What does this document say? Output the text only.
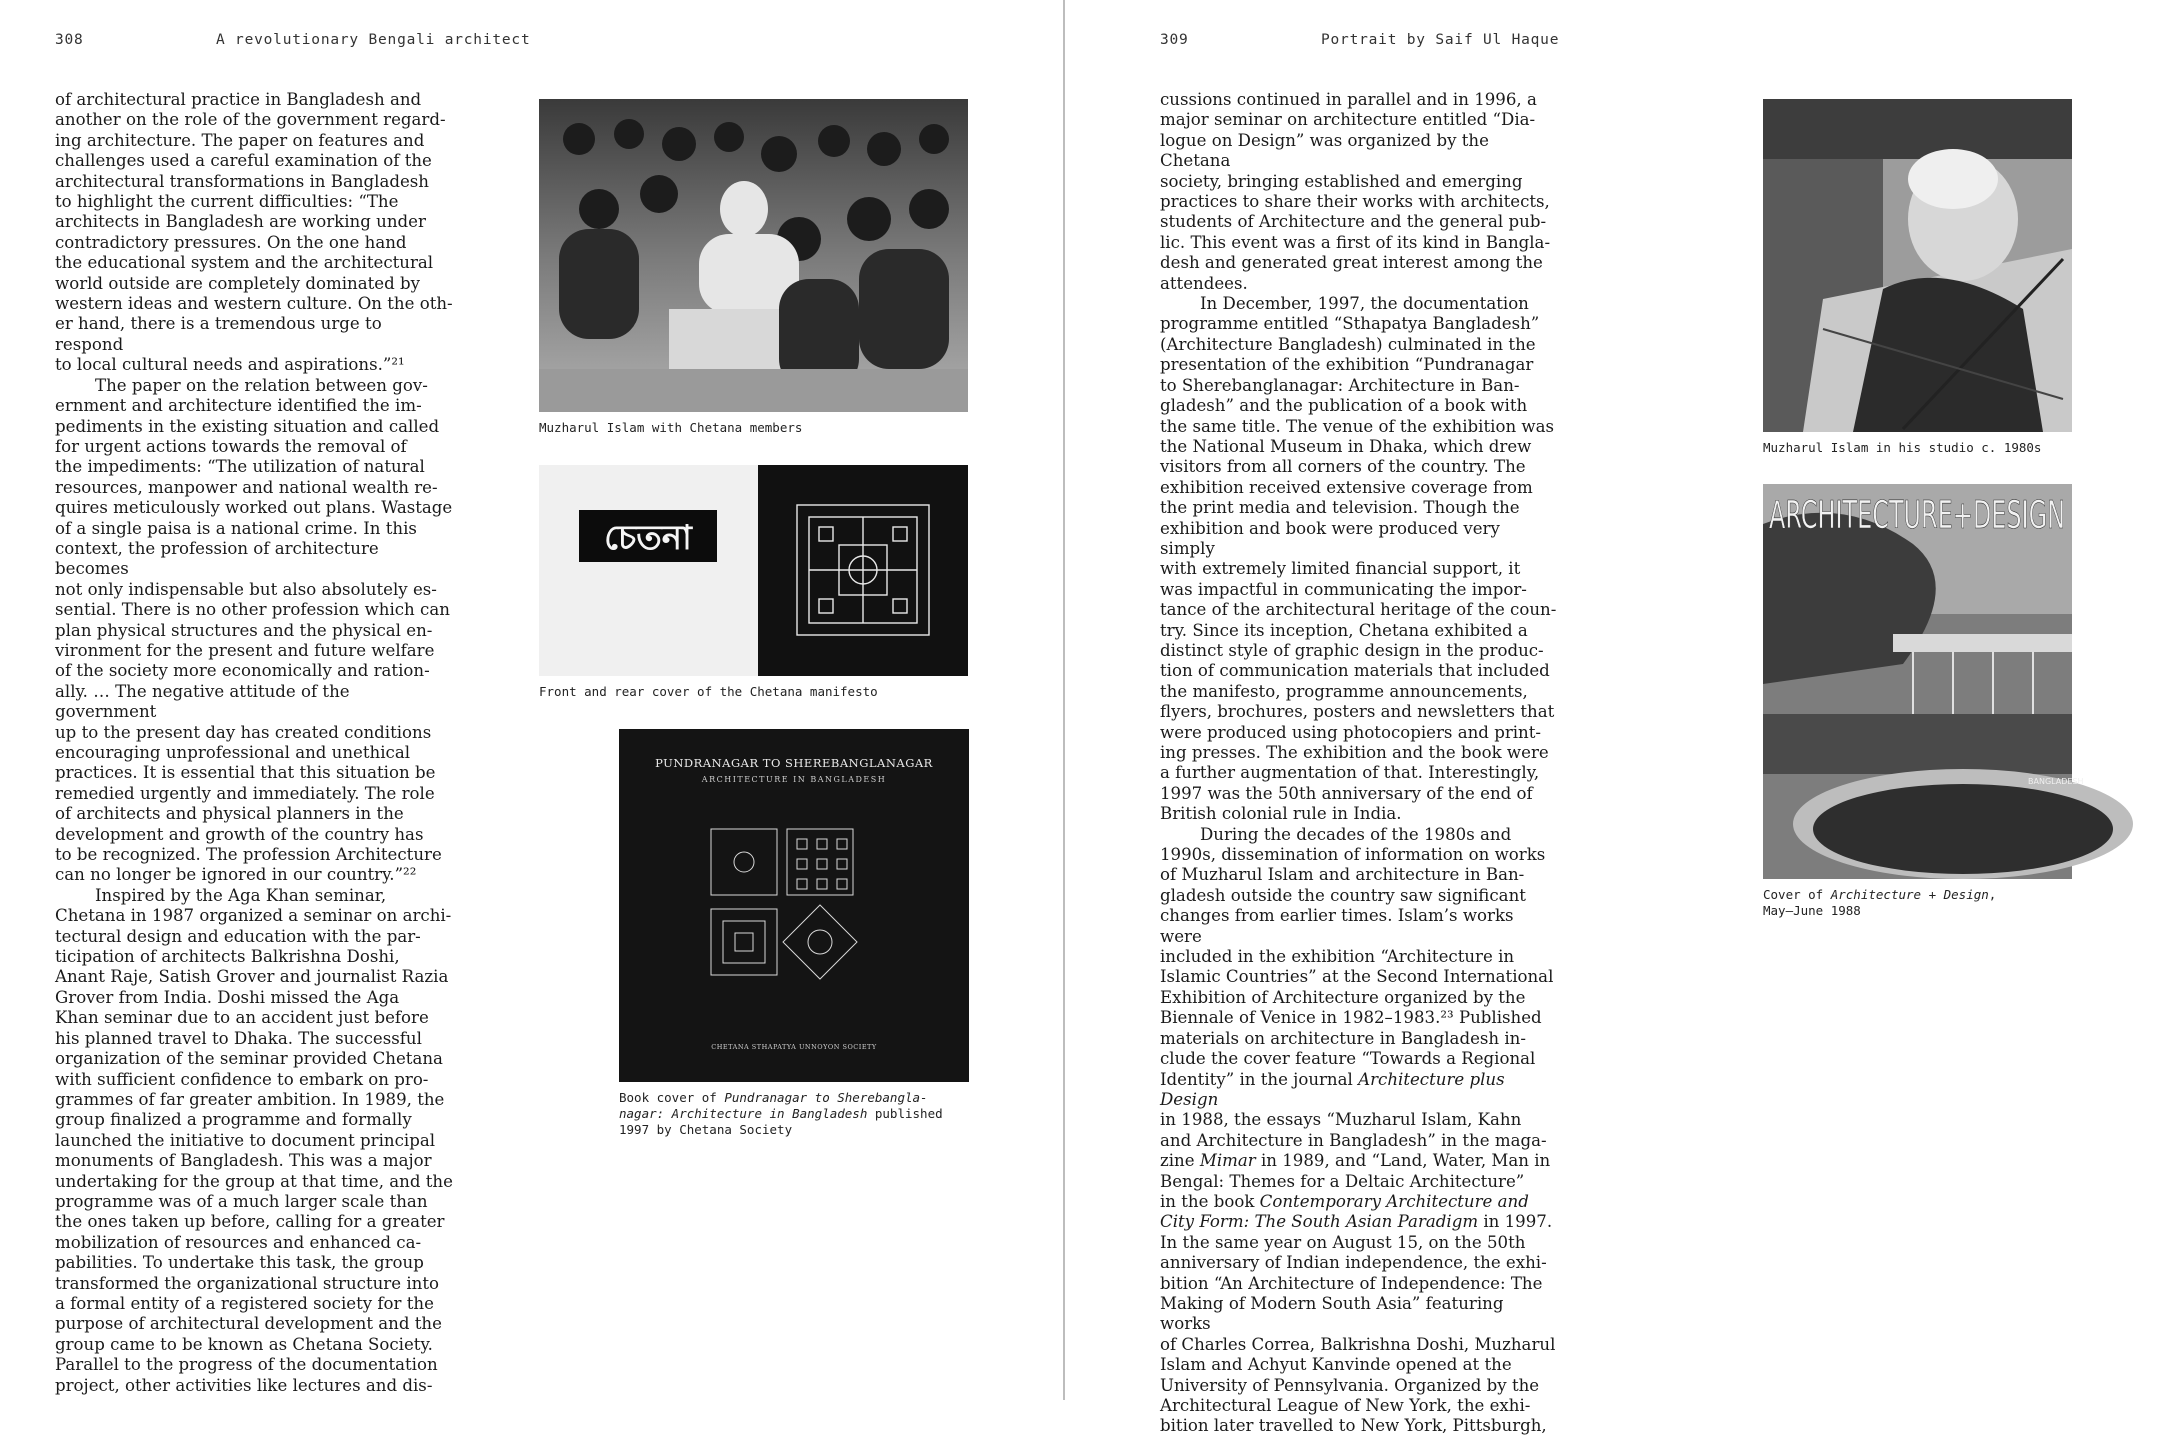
308	A revolutionary Bengali architect

of architectural practice in Bangladesh and
another on the role of the government regard-
ing architecture. The paper on features and
challenges used a careful examination of the
architectural transformations in Bangladesh
to highlight the current difficulties: “The
architects in Bangladesh are working under
contradictory pressures. On the one hand
the educational system and the architectural
world outside are completely dominated by
western ideas and western culture. On the oth-
er hand, there is a tremendous urge to respond
to local cultural needs and aspirations.”²¹

The paper on the relation between gov-
ernment and architecture identified the im-
pediments in the existing situation and called
for urgent actions towards the removal of
the impediments: “The utilization of natural
resources, manpower and national wealth re-
quires meticulously worked out plans. Wastage
of a single paisa is a national crime. In this
context, the profession of architecture becomes
not only indispensable but also absolutely es-
sential. There is no other profession which can
plan physical structures and the physical en-
vironment for the present and future welfare
of the society more economically and ration-
ally. … The negative attitude of the government
up to the present day has created conditions
encouraging unprofessional and unethical
practices. It is essential that this situation be
remedied urgently and immediately. The role
of architects and physical planners in the
development and growth of the country has
to be recognized. The profession Architecture
can no longer be ignored in our country.”²²

Inspired by the Aga Khan seminar,
Chetana in 1987 organized a seminar on archi-
tectural design and education with the par-
ticipation of architects Balkrishna Doshi,
Anant Raje, Satish Grover and journalist Razia
Grover from India. Doshi missed the Aga
Khan seminar due to an accident just before
his planned travel to Dhaka. The successful
organization of the seminar provided Chetana
with sufficient confidence to embark on pro-
grammes of far greater ambition. In 1989, the
group finalized a programme and formally
launched the initiative to document principal
monuments of Bangladesh. This was a major
undertaking for the group at that time, and the
programme was of a much larger scale than
the ones taken up before, calling for a greater
mobilization of resources and enhanced ca-
pabilities. To undertake this task, the group
transformed the organizational structure into
a formal entity of a registered society for the
purpose of architectural development and the
group came to be known as Chetana Society.
Parallel to the progress of the documentation
project, other activities like lectures and dis-

Muzharul Islam with Chetana members
চেতনা
Front and rear cover of the Chetana manifesto
PUNDRANAGAR TO SHEREBANGLANAGAR
ARCHITECTURE IN BANGLADESH
CHETANA STHAPATYA UNNOYON SOCIETY
Book cover of Pundranagar to Sherebangla-
nagar: Architecture in Bangladesh published
1997 by Chetana Society
309	Portrait by Saif Ul Haque

cussions continued in parallel and in 1996, a
major seminar on architecture entitled “Dia-
logue on Design” was organized by the Chetana
society, bringing established and emerging
practices to share their works with architects,
students of Architecture and the general pub-
lic. This event was a first of its kind in Bangla-
desh and generated great interest among the
attendees.

In December, 1997, the documentation
programme entitled “Sthapatya Bangladesh”
(Architecture Bangladesh) culminated in the
presentation of the exhibition “Pundranagar
to Sherebanglanagar: Architecture in Ban-
gladesh” and the publication of a book with
the same title. The venue of the exhibition was
the National Museum in Dhaka, which drew
visitors from all corners of the country. The
exhibition received extensive coverage from
the print media and television. Though the
exhibition and book were produced very simply
with extremely limited financial support, it
was impactful in communicating the impor-
tance of the architectural heritage of the coun-
try. Since its inception, Chetana exhibited a
distinct style of graphic design in the produc-
tion of communication materials that included
the manifesto, programme announcements,
flyers, brochures, posters and newsletters that
were produced using photocopiers and print-
ing presses. The exhibition and the book were
a further augmentation of that. Interestingly,
1997 was the 50th anniversary of the end of
British colonial rule in India.

During the decades of the 1980s and
1990s, dissemination of information on works
of Muzharul Islam and architecture in Ban-
gladesh outside the country saw significant
changes from earlier times. Islam’s works were
included in the exhibition “Architecture in
Islamic Countries” at the Second International
Exhibition of Architecture organized by the
Biennale of Venice in 1982–1983.²³ Published
materials on architecture in Bangladesh in-
clude the cover feature “Towards a Regional
Identity” in the journal Architecture plus Design
in 1988, the essays “Muzharul Islam, Kahn
and Architecture in Bangladesh” in the maga-
zine Mimar in 1989, and “Land, Water, Man in
Bengal: Themes for a Deltaic Architecture”
in the book Contemporary Architecture and
City Form: The South Asian Paradigm in 1997.
In the same year on August 15, on the 50th
anniversary of Indian independence, the exhi-
bition “An Architecture of Independence: The
Making of Modern South Asia” featuring works
of Charles Correa, Balkrishna Doshi, Muzharul
Islam and Achyut Kanvinde opened at the
University of Pennsylvania. Organized by the
Architectural League of New York, the exhi-
bition later travelled to New York, Pittsburgh,

Muzharul Islam in his studio c. 1980s
ARCHITECTURE+DESIGN
BANGLADESH
Cover of Architecture + Design,
May–June 1988
